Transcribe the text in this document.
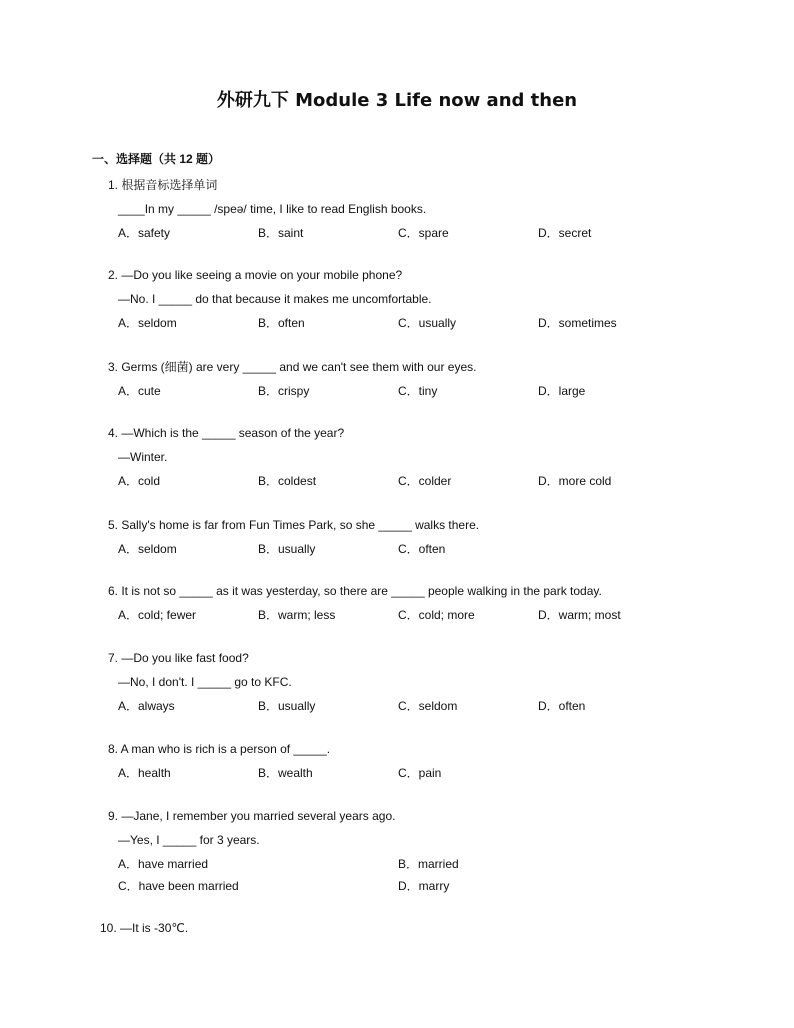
外研九下 Module 3 Life now and then
一、选择题（共 12 题）
1. 根据音标选择单词
____In my _____ /speə/ time, I like to read English books.
A．safety	B．saint	C．spare	D．secret
2. —Do you like seeing a movie on your mobile phone?
—No. I _____ do that because it makes me uncomfortable.
A．seldom	B．often	C．usually	D．sometimes
3. Germs (细菌) are very _____ and we can't see them with our eyes.
A．cute	B．crispy	C．tiny	D．large
4. —Which is the _____ season of the year?
—Winter.
A．cold	B．coldest	C．colder	D．more cold
5. Sally's home is far from Fun Times Park, so she _____ walks there.
A．seldom	B．usually	C．often
6. It is not so _____ as it was yesterday, so there are _____ people walking in the park today.
A．cold; fewer	B．warm; less	C．cold; more	D．warm; most
7. —Do you like fast food?
—No, I don't. I _____ go to KFC.
A．always	B．usually	C．seldom	D．often
8. A man who is rich is a person of _____.
A．health	B．wealth	C．pain
9. —Jane, I remember you married several years ago.
—Yes, I _____ for 3 years.
A．have married	B．married
C．have been married	D．marry
10. —It is -30℃.
